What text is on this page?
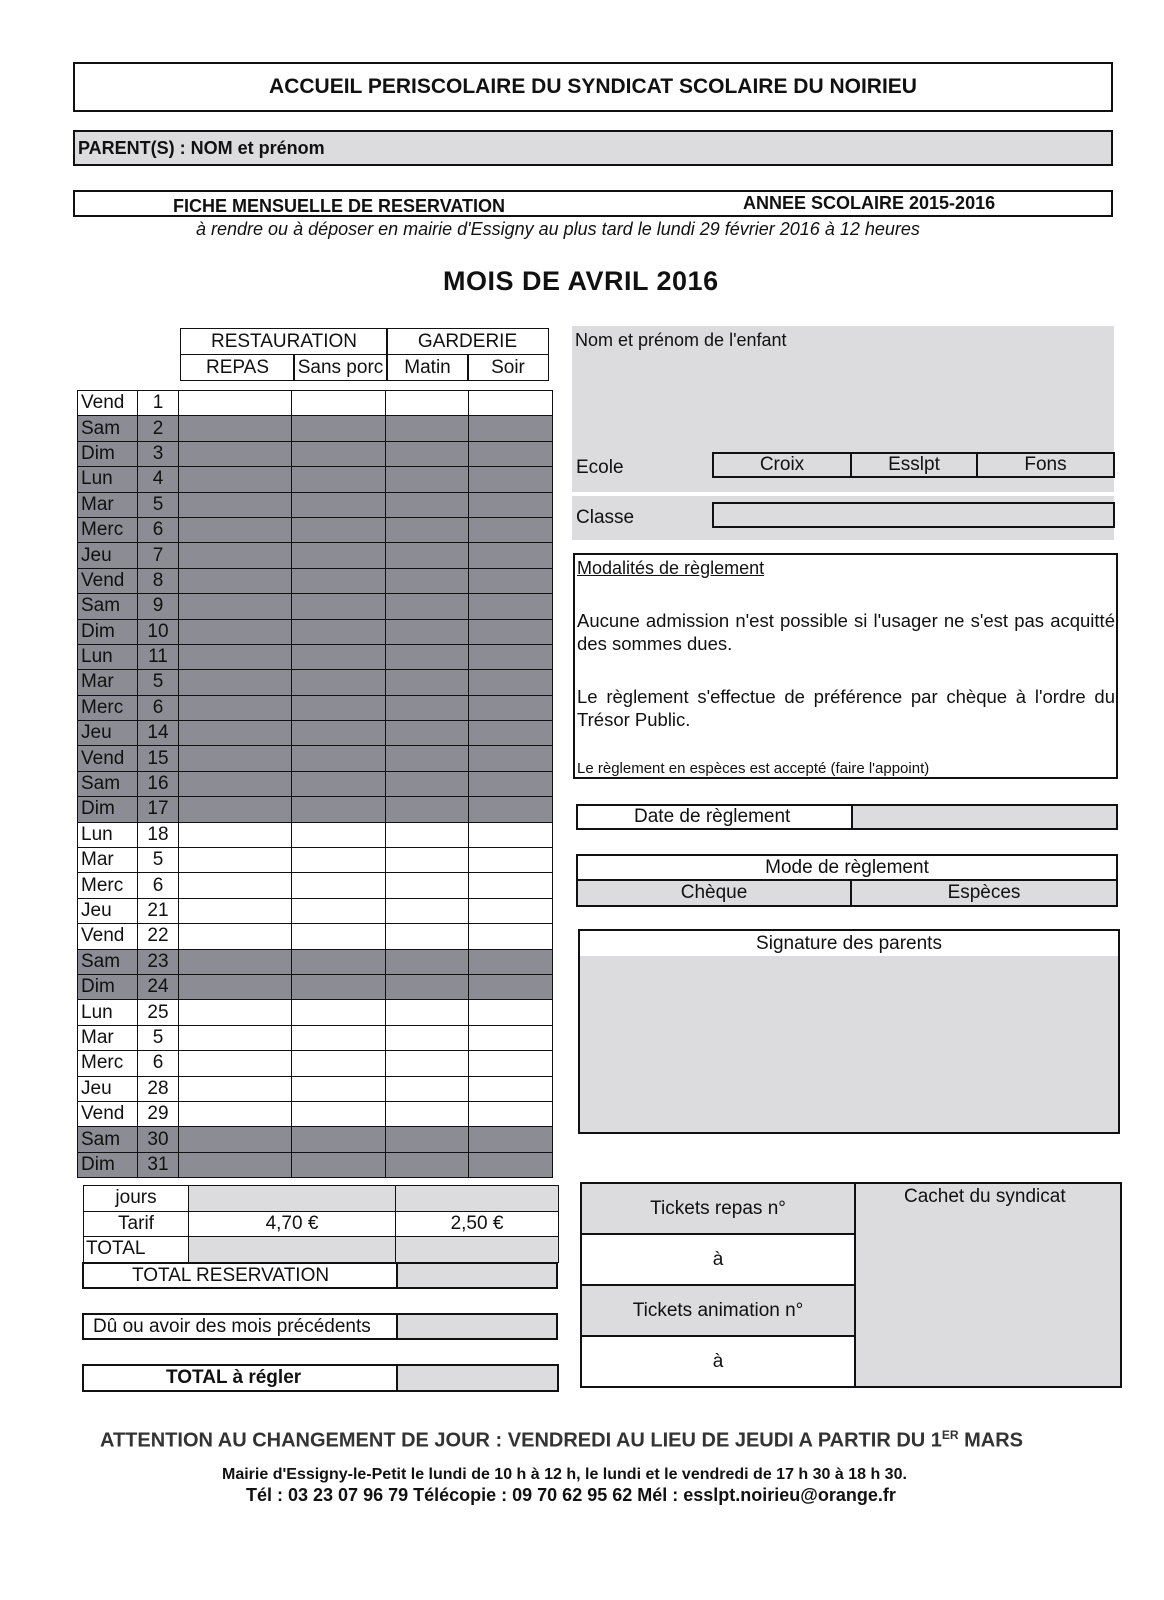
ACCUEIL PERISCOLAIRE DU SYNDICAT SCOLAIRE DU NOIRIEU
PARENT(S) : NOM et prénom
FICHE MENSUELLE DE RESERVATION	ANNEE SCOLAIRE 2015-2016
à rendre ou à déposer en mairie d'Essigny au plus tard le lundi 29 février 2016 à 12 heures
MOIS DE AVRIL 2016
RESTAURATION	GARDERIE
REPAS Sans porc Matin Soir
Vend	1				
Sam	2				
Dim	3				
Lun	4				
Mar	5				
Merc	6				
Jeu	7				
Vend	8				
Sam	9				
Dim	10				
Lun	11				
Mar	5				
Merc	6				
Jeu	14				
Vend	15				
Sam	16				
Dim	17				
Lun	18				
Mar	5				
Merc	6				
Jeu	21				
Vend	22				
Sam	23				
Dim	24				
Lun	25				
Mar	5				
Merc	6				
Jeu	28				
Vend	29				
Sam	30				
Dim	31				
jours		
Tarif	4,70 €	2,50 €
TOTAL		
TOTAL RESERVATION
Dû ou avoir des mois précédents
TOTAL à régler
Nom et prénom de l'enfant
Ecole	Croix	Esslpt	Fons
Classe
Modalités de règlement
Aucune admission n'est possible si l'usager ne s'est pas acquitté des sommes dues.
Le règlement s'effectue de préférence par chèque à l'ordre du Trésor Public.
Le règlement en espèces est accepté (faire l'appoint)
Date de règlement
Mode de règlement
Chèque	Espèces
Signature des parents
Tickets repas n°
à
Tickets animation n°
à
Cachet du syndicat
ATTENTION AU CHANGEMENT DE JOUR : VENDREDI AU LIEU DE JEUDI A PARTIR DU 1ER MARS
Mairie d'Essigny-le-Petit le lundi de 10 h à 12 h, le lundi et le vendredi de 17 h 30 à 18 h 30.
Tél : 03 23 07 96 79 Télécopie : 09 70 62 95 62 Mél : esslpt.noirieu@orange.fr
